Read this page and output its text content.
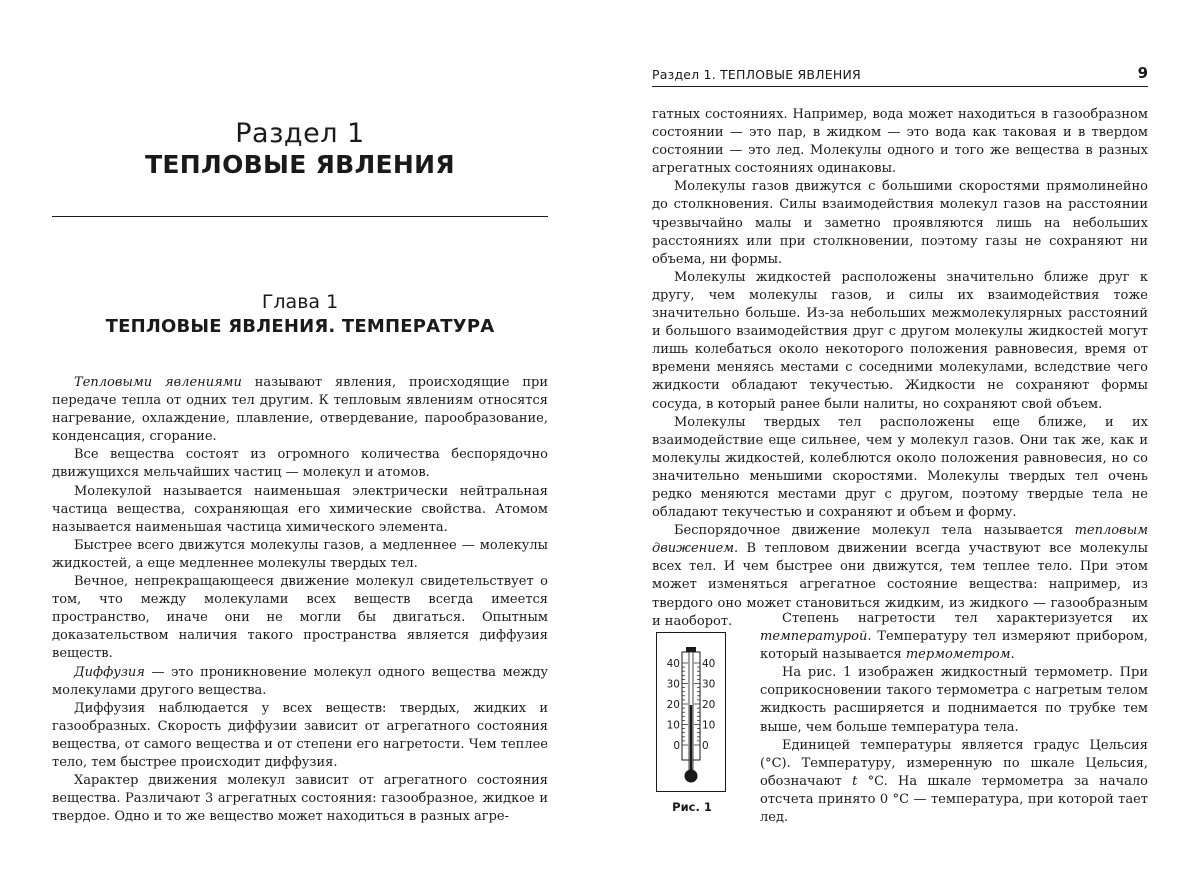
Раздел 1
ТЕПЛОВЫЕ ЯВЛЕНИЯ
Глава 1
ТЕПЛОВЫЕ ЯВЛЕНИЯ. ТЕМПЕРАТУРА

Тепловыми явлениями называют явления, происходящие при передаче тепла от одних тел другим. К тепловым явлениям относятся нагревание, охлаждение, плавление, отвердевание, парообразование, конденсация, сгорание.

Все вещества состоят из огромного количества беспорядочно движущихся мельчайших частиц — молекул и атомов.

Молекулой называется наименьшая электрически нейтральная частица вещества, сохраняющая его химические свойства. Атомом называется наименьшая частица химического элемента.

Быстрее всего движутся молекулы газов, а медленнее — молекулы жидкостей, а еще медленнее молекулы твердых тел.

Вечное, непрекращающееся движение молекул свидетельствует о том, что между молекулами всех веществ всегда имеется пространство, иначе они не могли бы двигаться. Опытным доказательством наличия такого пространства является диффузия веществ.

Диффузия — это проникновение молекул одного вещества между молекулами другого вещества.

Диффузия наблюдается у всех веществ: твердых, жидких и газообразных. Скорость диффузии зависит от агрегатного состояния вещества, от самого вещества и от степени его нагретости. Чем теплее тело, тем быстрее происходит диффузия.

Характер движения молекул зависит от агрегатного состояния вещества. Различают 3 агрегатных состояния: газообразное, жидкое и твердое. Одно и то же вещество может находиться в разных агре-

Раздел 1. ТЕПЛОВЫЕ ЯВЛЕНИЯ	9

гатных состояниях. Например, вода может находиться в газообразном состоянии — это пар, в жидком — это вода как таковая и в твердом состоянии — это лед. Молекулы одного и того же вещества в разных агрегатных состояниях одинаковы.

Молекулы газов движутся с большими скоростями прямолинейно до столкновения. Силы взаимодействия молекул газов на расстоянии чрезвычайно малы и заметно проявляются лишь на небольших расстояниях или при столкновении, поэтому газы не сохраняют ни объема, ни формы.

Молекулы жидкостей расположены значительно ближе друг к другу, чем молекулы газов, и силы их взаимодействия тоже значительно больше. Из-за небольших межмолекулярных расстояний и большого взаимодействия друг с другом молекулы жидкостей могут лишь колебаться около некоторого положения равновесия, время от времени меняясь местами с соседними молекулами, вследствие чего жидкости обладают текучестью. Жидкости не сохраняют формы сосуда, в который ранее были налиты, но сохраняют свой объем.

Молекулы твердых тел расположены еще ближе, и их взаимодействие еще сильнее, чем у молекул газов. Они так же, как и молекулы жидкостей, колеблются около положения равновесия, но со значительно меньшими скоростями. Молекулы твердых тел очень редко меняются местами друг с другом, поэтому твердые тела не обладают текучестью и сохраняют и объем и форму.

Беспорядочное движение молекул тела называется тепловым движением. В тепловом движении всегда участвуют все молекулы всех тел. И чем быстрее они движутся, тем теплее тело. При этом может изменяться агрегатное состояние вещества: например, из твердого оно может становиться жидким, из жидкого — газообразным и наоборот.	Степень нагретости тел характеризуется их температурой. Температуру тел измеряют прибором, который называется термометром.

На рис. 1 изображен жидкостный термометр. При соприкосновении такого термометра с нагретым телом жидкость расширяется и поднимается по трубке тем выше, чем больше температура тела.

Единицей температуры является градус Цельсия (°C). Температуру, измеренную по шкале Цельсия, обозначают t °C. На шкале термометра за начало отсчета принято 0 °C — температура, при которой тает лед.

40 40
30 30
20 20
10 10
0 0
Рис. 1
